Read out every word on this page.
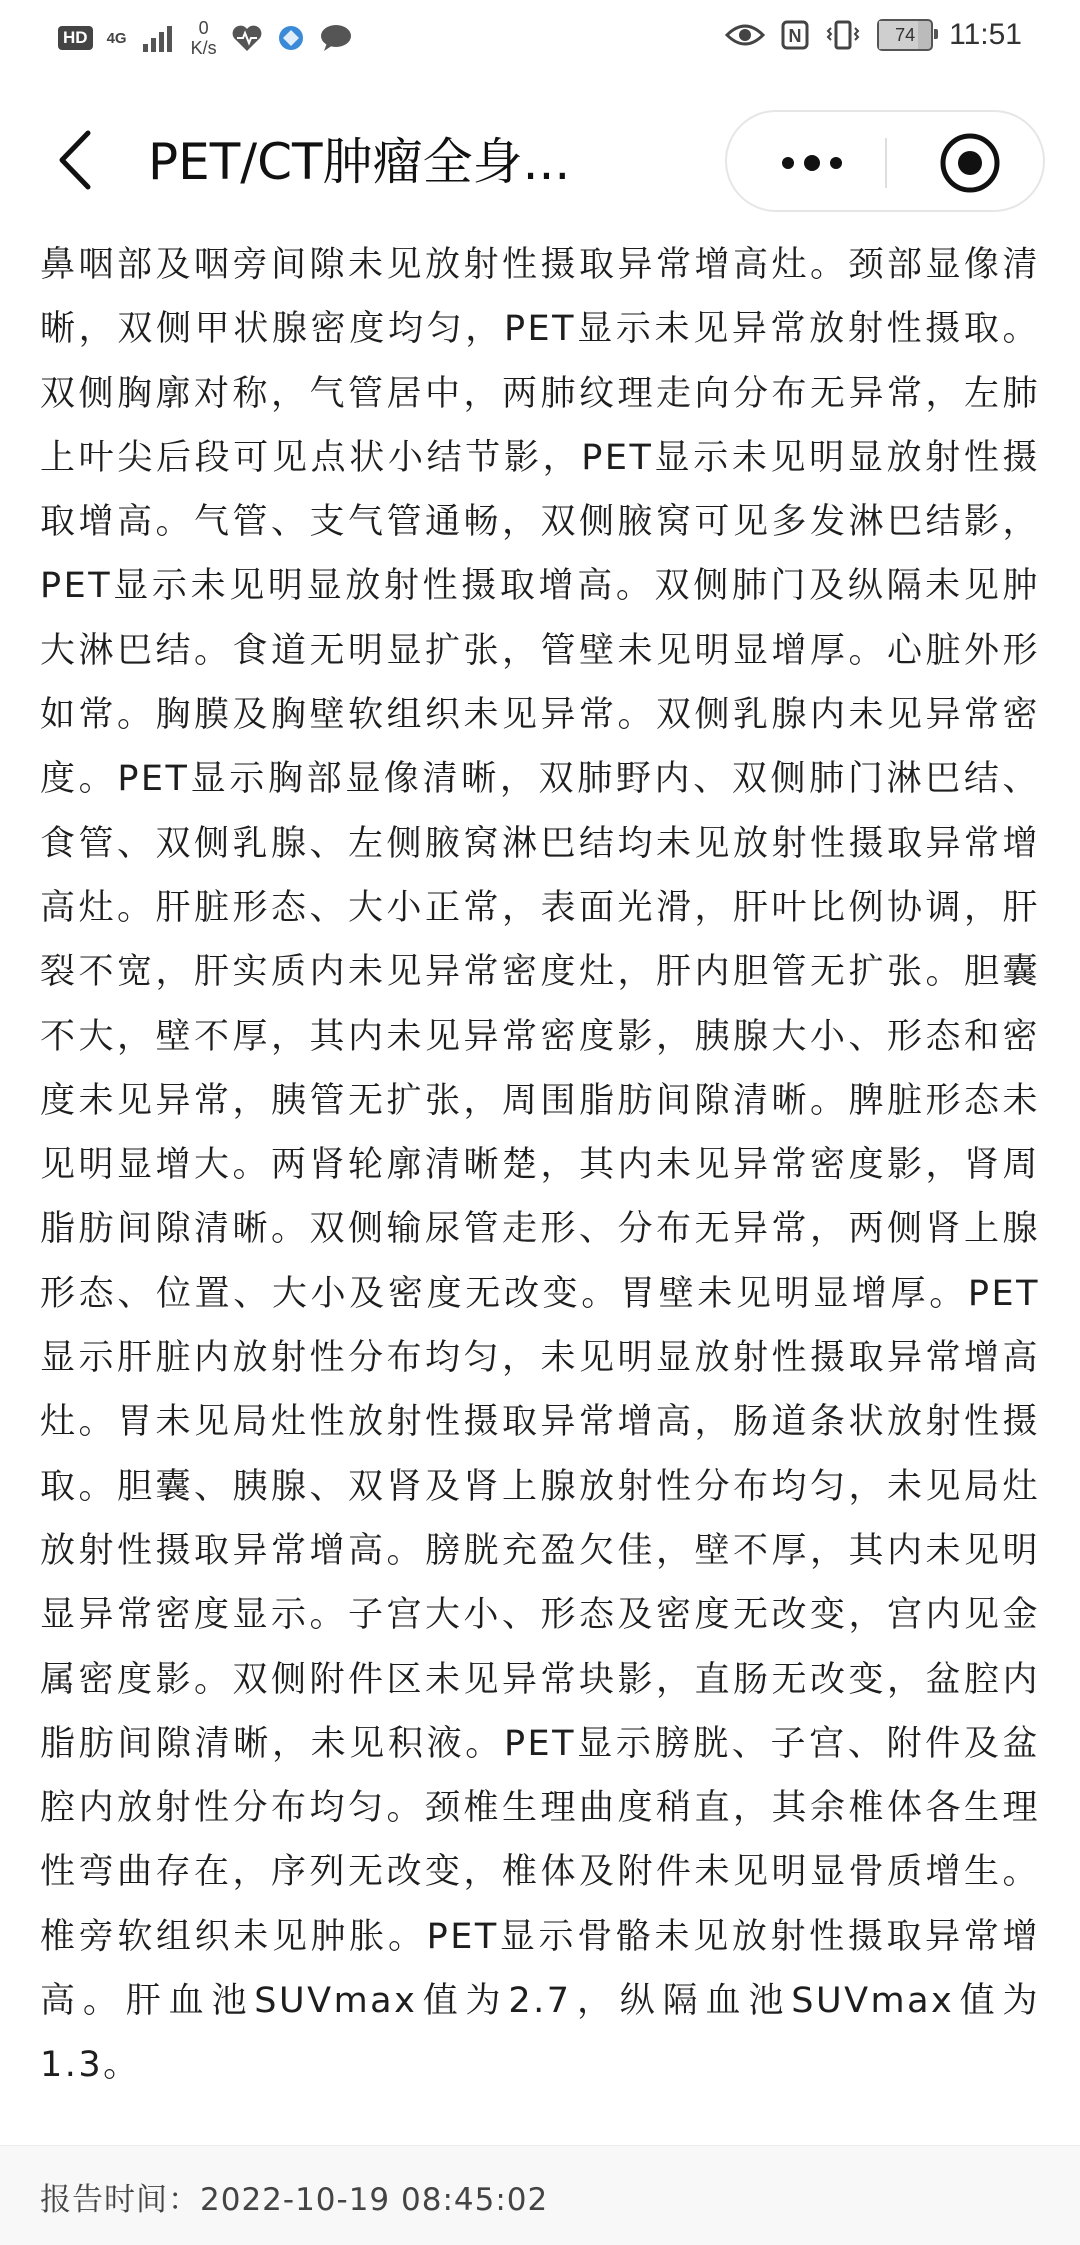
HD	4G	0
K/s
N	74 11:51
PET/CT肿瘤全身...

鼻咽部及咽旁间隙未见放射性摄取异常增高灶。颈部显像清晰，双侧甲状腺密度均匀，PET显示未见异常放射性摄取。双侧胸廓对称，气管居中，两肺纹理走向分布无异常，左肺上叶尖后段可见点状小结节影，PET显示未见明显放射性摄取增高。气管、支气管通畅，双侧腋窝可见多发淋巴结影，PET显示未见明显放射性摄取增高。双侧肺门及纵隔未见肿大淋巴结。食道无明显扩张，管壁未见明显增厚。心脏外形如常。胸膜及胸壁软组织未见异常。双侧乳腺内未见异常密度。PET显示胸部显像清晰，双肺野内、双侧肺门淋巴结、食管、双侧乳腺、左侧腋窝淋巴结均未见放射性摄取异常增高灶。肝脏形态、大小正常，表面光滑，肝叶比例协调，肝裂不宽，肝实质内未见异常密度灶，肝内胆管无扩张。胆囊不大，壁不厚，其内未见异常密度影，胰腺大小、形态和密度未见异常，胰管无扩张，周围脂肪间隙清晰。脾脏形态未见明显增大。两肾轮廓清晰楚，其内未见异常密度影，肾周脂肪间隙清晰。双侧输尿管走形、分布无异常，两侧肾上腺形态、位置、大小及密度无改变。胃壁未见明显增厚。PET显示肝脏内放射性分布均匀，未见明显放射性摄取异常增高灶。胃未见局灶性放射性摄取异常增高，肠道条状放射性摄取。胆囊、胰腺、双肾及肾上腺放射性分布均匀，未见局灶放射性摄取异常增高。膀胱充盈欠佳，壁不厚，其内未见明显异常密度显示。子宫大小、形态及密度无改变，宫内见金属密度影。双侧附件区未见异常块影，直肠无改变，盆腔内脂肪间隙清晰，未见积液。PET显示膀胱、子宫、附件及盆腔内放射性分布均匀。颈椎生理曲度稍直，其余椎体各生理性弯曲存在，序列无改变，椎体及附件未见明显骨质增生。椎旁软组织未见肿胀。PET显示骨骼未见放射性摄取异常增高。肝血池SUVmax值为2.7，纵隔血池SUVmax值为1.3。

报告时间：2022-10-19 08:45:02
